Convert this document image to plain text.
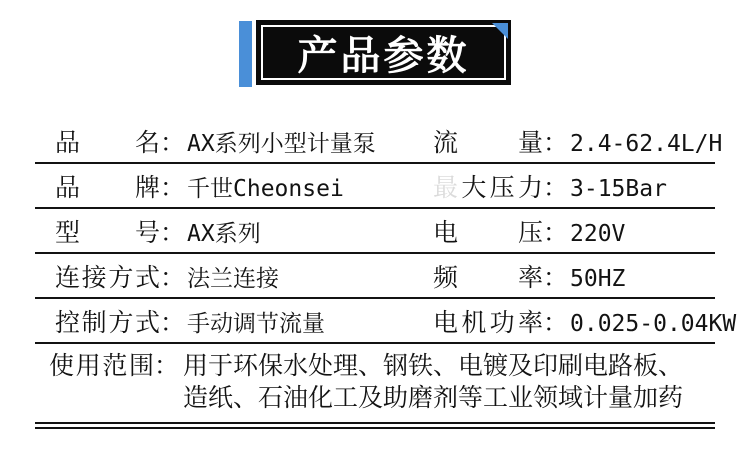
产品参数
品名 ： AX系列小型计量泵 流量 ： 2.4-62.4L/H
品牌 ： 千世Cheonsei	最大压力 ： 3-15Bar
型号 ： AX系列	电压 ： 220V
连接方式 ： 法兰连接	频率 ： 50HZ
控制方式 ： 手动调节流量	电机功率 ： 0.025-0.04KW
使用范围 ： 用于环保水处理、钢铁、电镀及印刷电路板、
造纸、石油化工及助磨剂等工业领域计量加药
